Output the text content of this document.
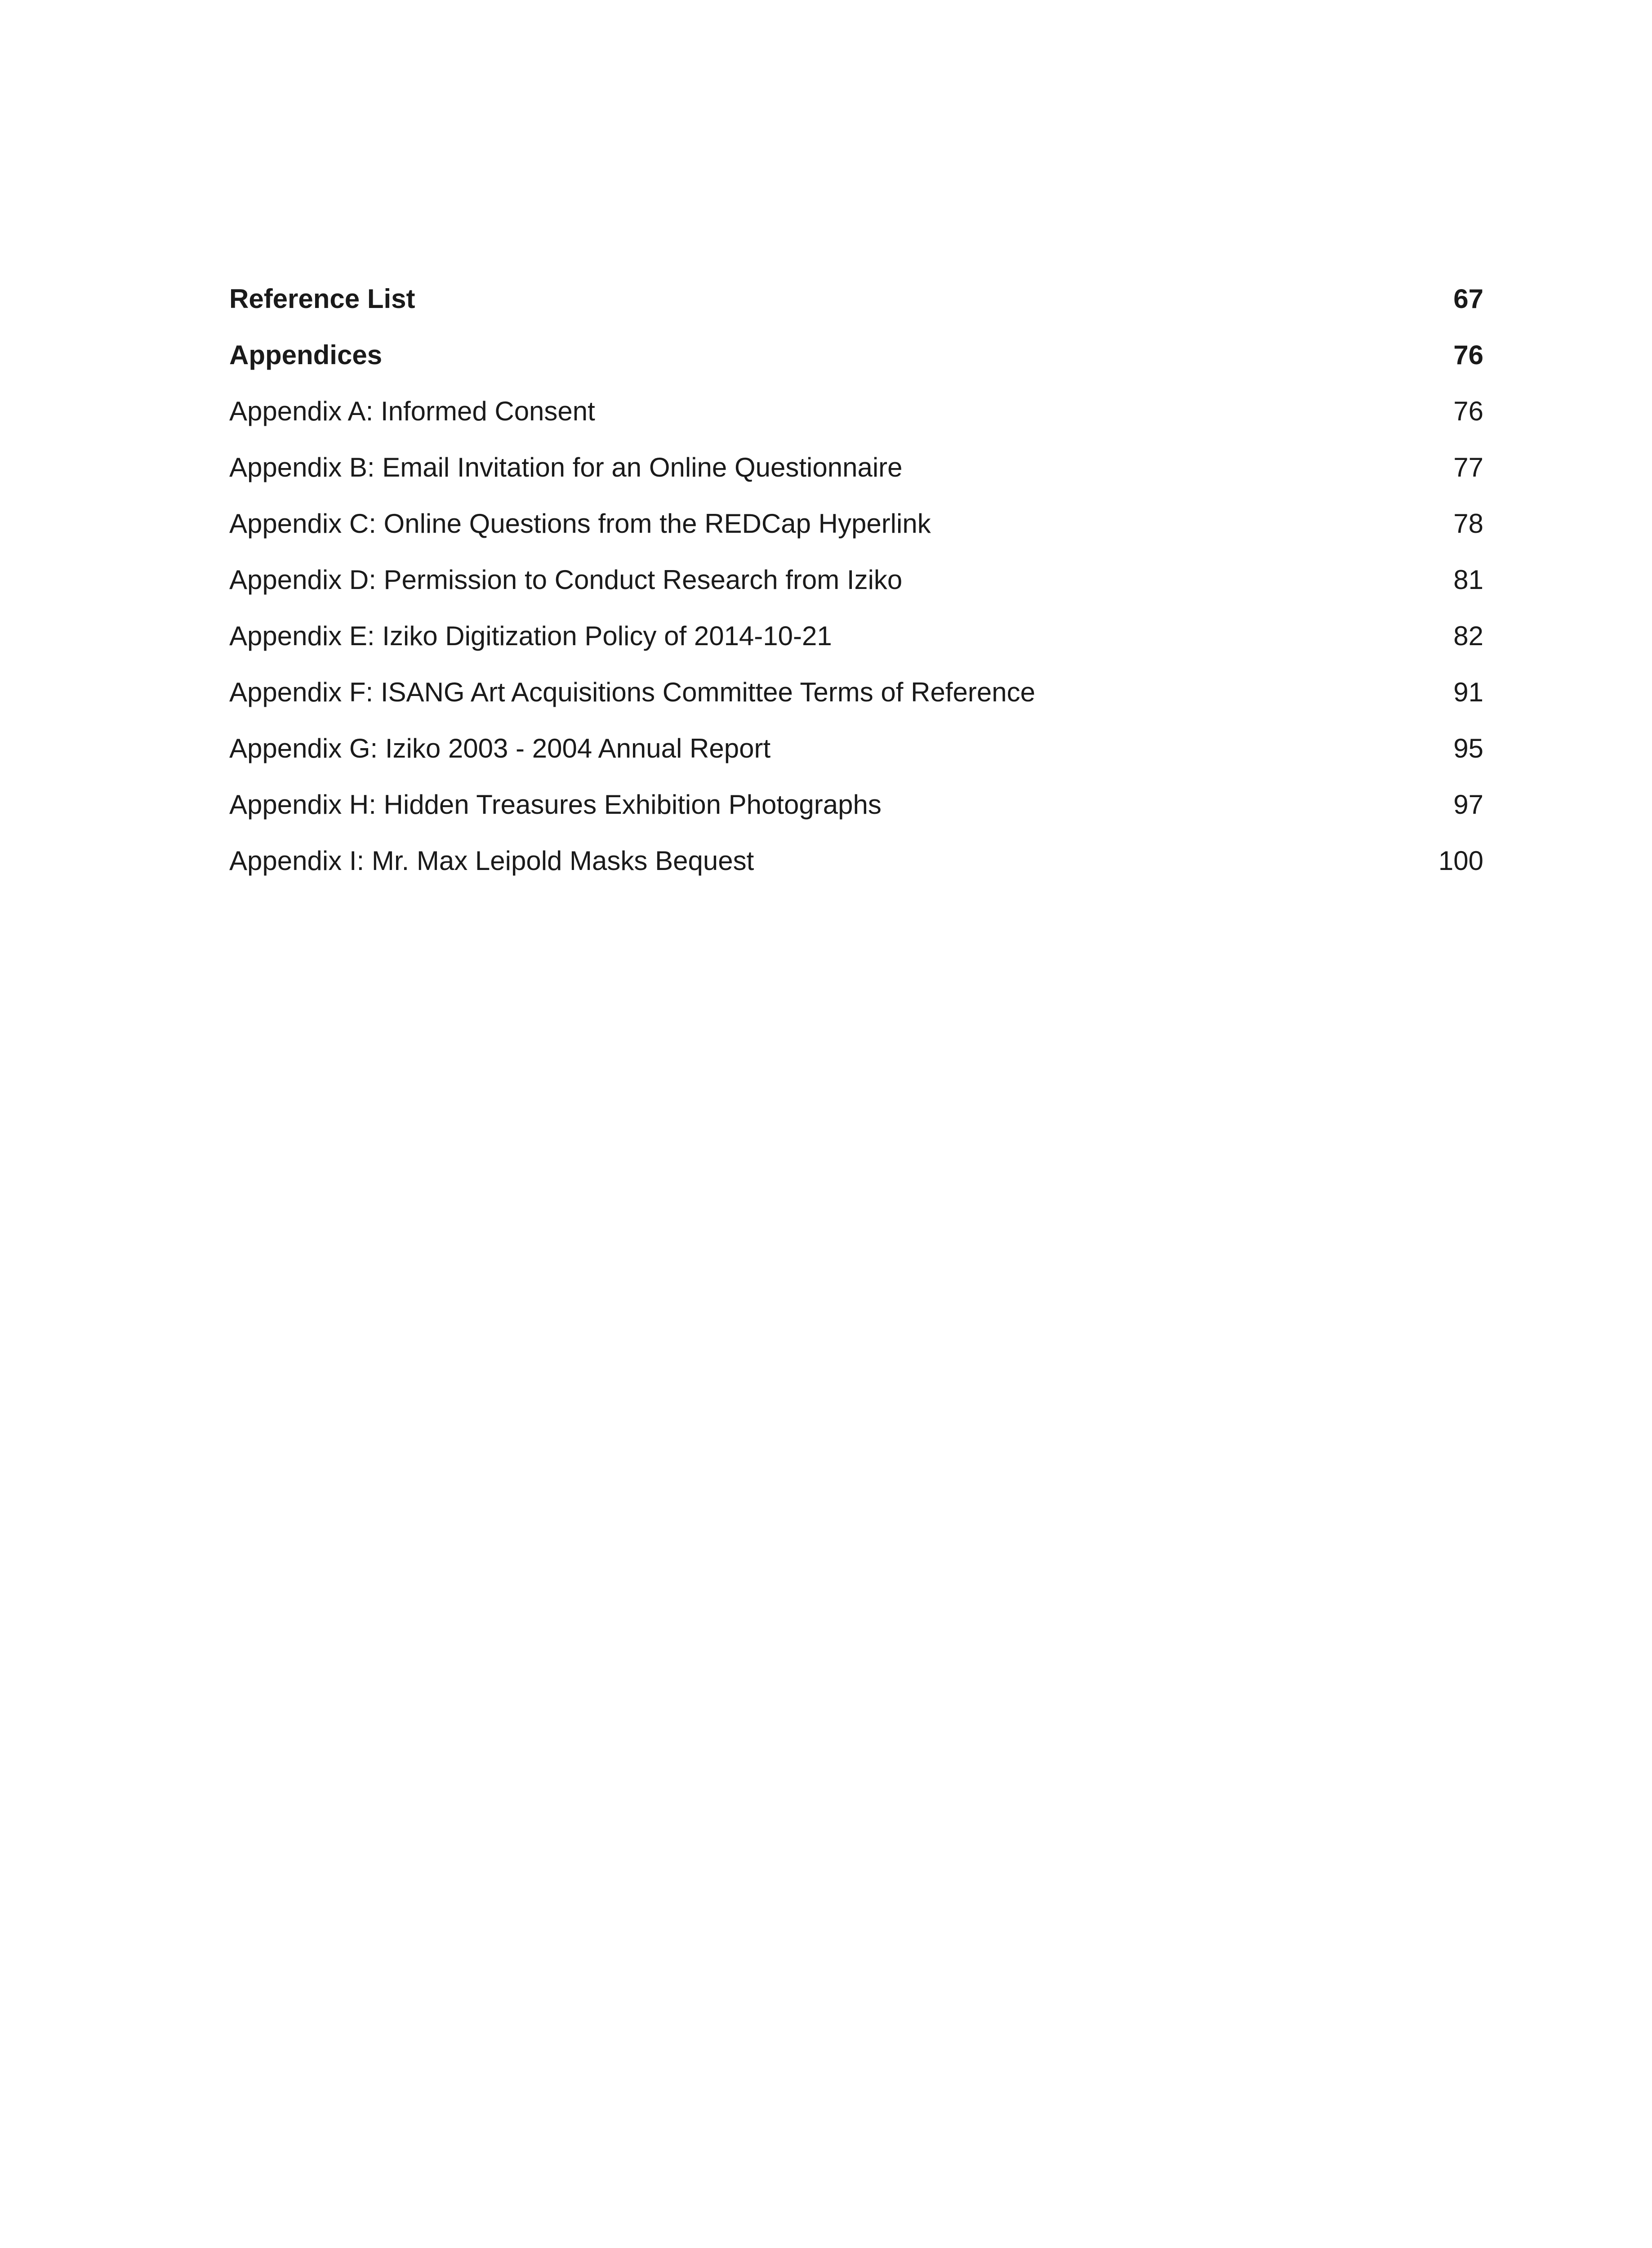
Reference List	67
Appendices	76
Appendix A: Informed Consent	76
Appendix B: Email Invitation for an Online Questionnaire	77
Appendix C: Online Questions from the REDCap Hyperlink	78
Appendix D: Permission to Conduct Research from Iziko	81
Appendix E: Iziko Digitization Policy of 2014-10-21	82
Appendix F: ISANG Art Acquisitions Committee Terms of Reference	91
Appendix G: Iziko 2003 - 2004 Annual Report	95
Appendix H: Hidden Treasures Exhibition Photographs	97
Appendix I: Mr. Max Leipold Masks Bequest	100
